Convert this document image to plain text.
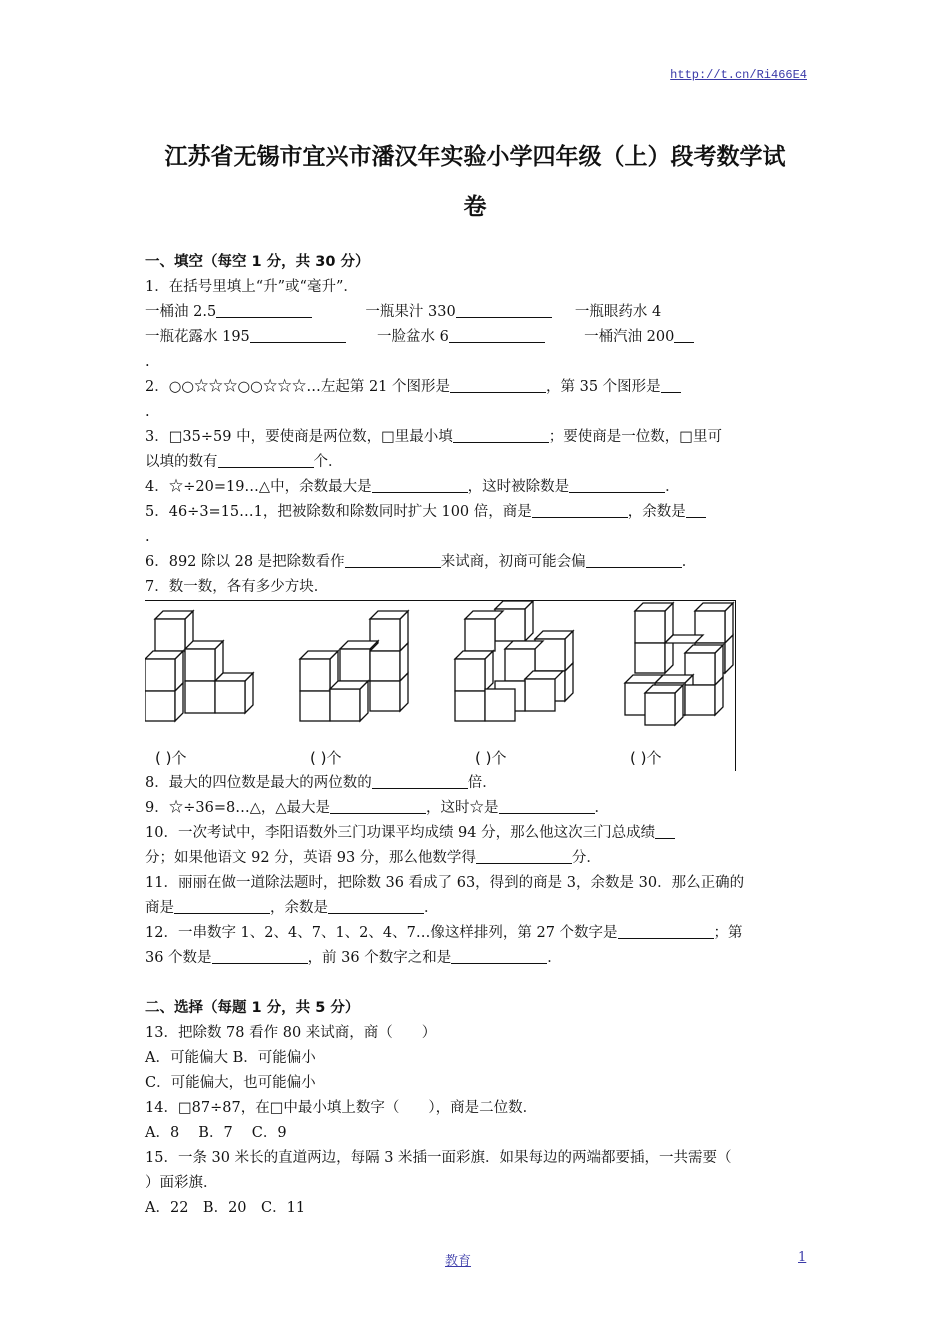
http://t.cn/Ri466E4
江苏省无锡市宜兴市潘汉年实验小学四年级（上）段考数学试
卷
一、填空（每空 1 分，共 30 分）
1．在括号里填上“升”或“毫升”．
一桶油 2.5	一瓶果汁 330	一瓶眼药水 4
一瓶花露水 195	一脸盆水 6	一桶汽油 200
.
2．○○☆☆☆○○☆☆☆…左起第 21 个图形是	，第 35 个图形是
.
3．□35÷59 中，要使商是两位数，□里最小填	；要使商是一位数，□里可
以填的数有	个．
4．☆÷20=19…△中，余数最大是	，这时被除数是	．
5．46÷3=15…1，把被除数和除数同时扩大 100 倍，商是	，余数是
.
6．892 除以 28 是把除数看作	来试商，初商可能会偏	．
7．数一数，各有多少方块．
( )个	( )个	( )个	( )个
8．最大的四位数是最大的两位数的	倍．
9．☆÷36=8…△，△最大是	，这时☆是	．
10．一次考试中，李阳语数外三门功课平均成绩 94 分，那么他这次三门总成绩
分；如果他语文 92 分，英语 93 分，那么他数学得	分．
11．丽丽在做一道除法题时，把除数 36 看成了 63，得到的商是 3，余数是 30．那么正确的
商是	，余数是	．
12．一串数字 1、2、4、7、1、2、4、7…像这样排列，第 27 个数字是	；第
36 个数是	，前 36 个数字之和是	．
二、选择（每题 1 分，共 5 分）
13．把除数 78 看作 80 来试商，商（　　）
A．可能偏大 B．可能偏小
C．可能偏大，也可能偏小
14．□87÷87，在□中最小填上数字（　　），商是二位数．
A．8　 B．7　 C．9
15．一条 30 米长的直道两边，每隔 3 米插一面彩旗．如果每边的两端都要插，一共需要（
）面彩旗．
A．22　B．20　C．11
教育	1
